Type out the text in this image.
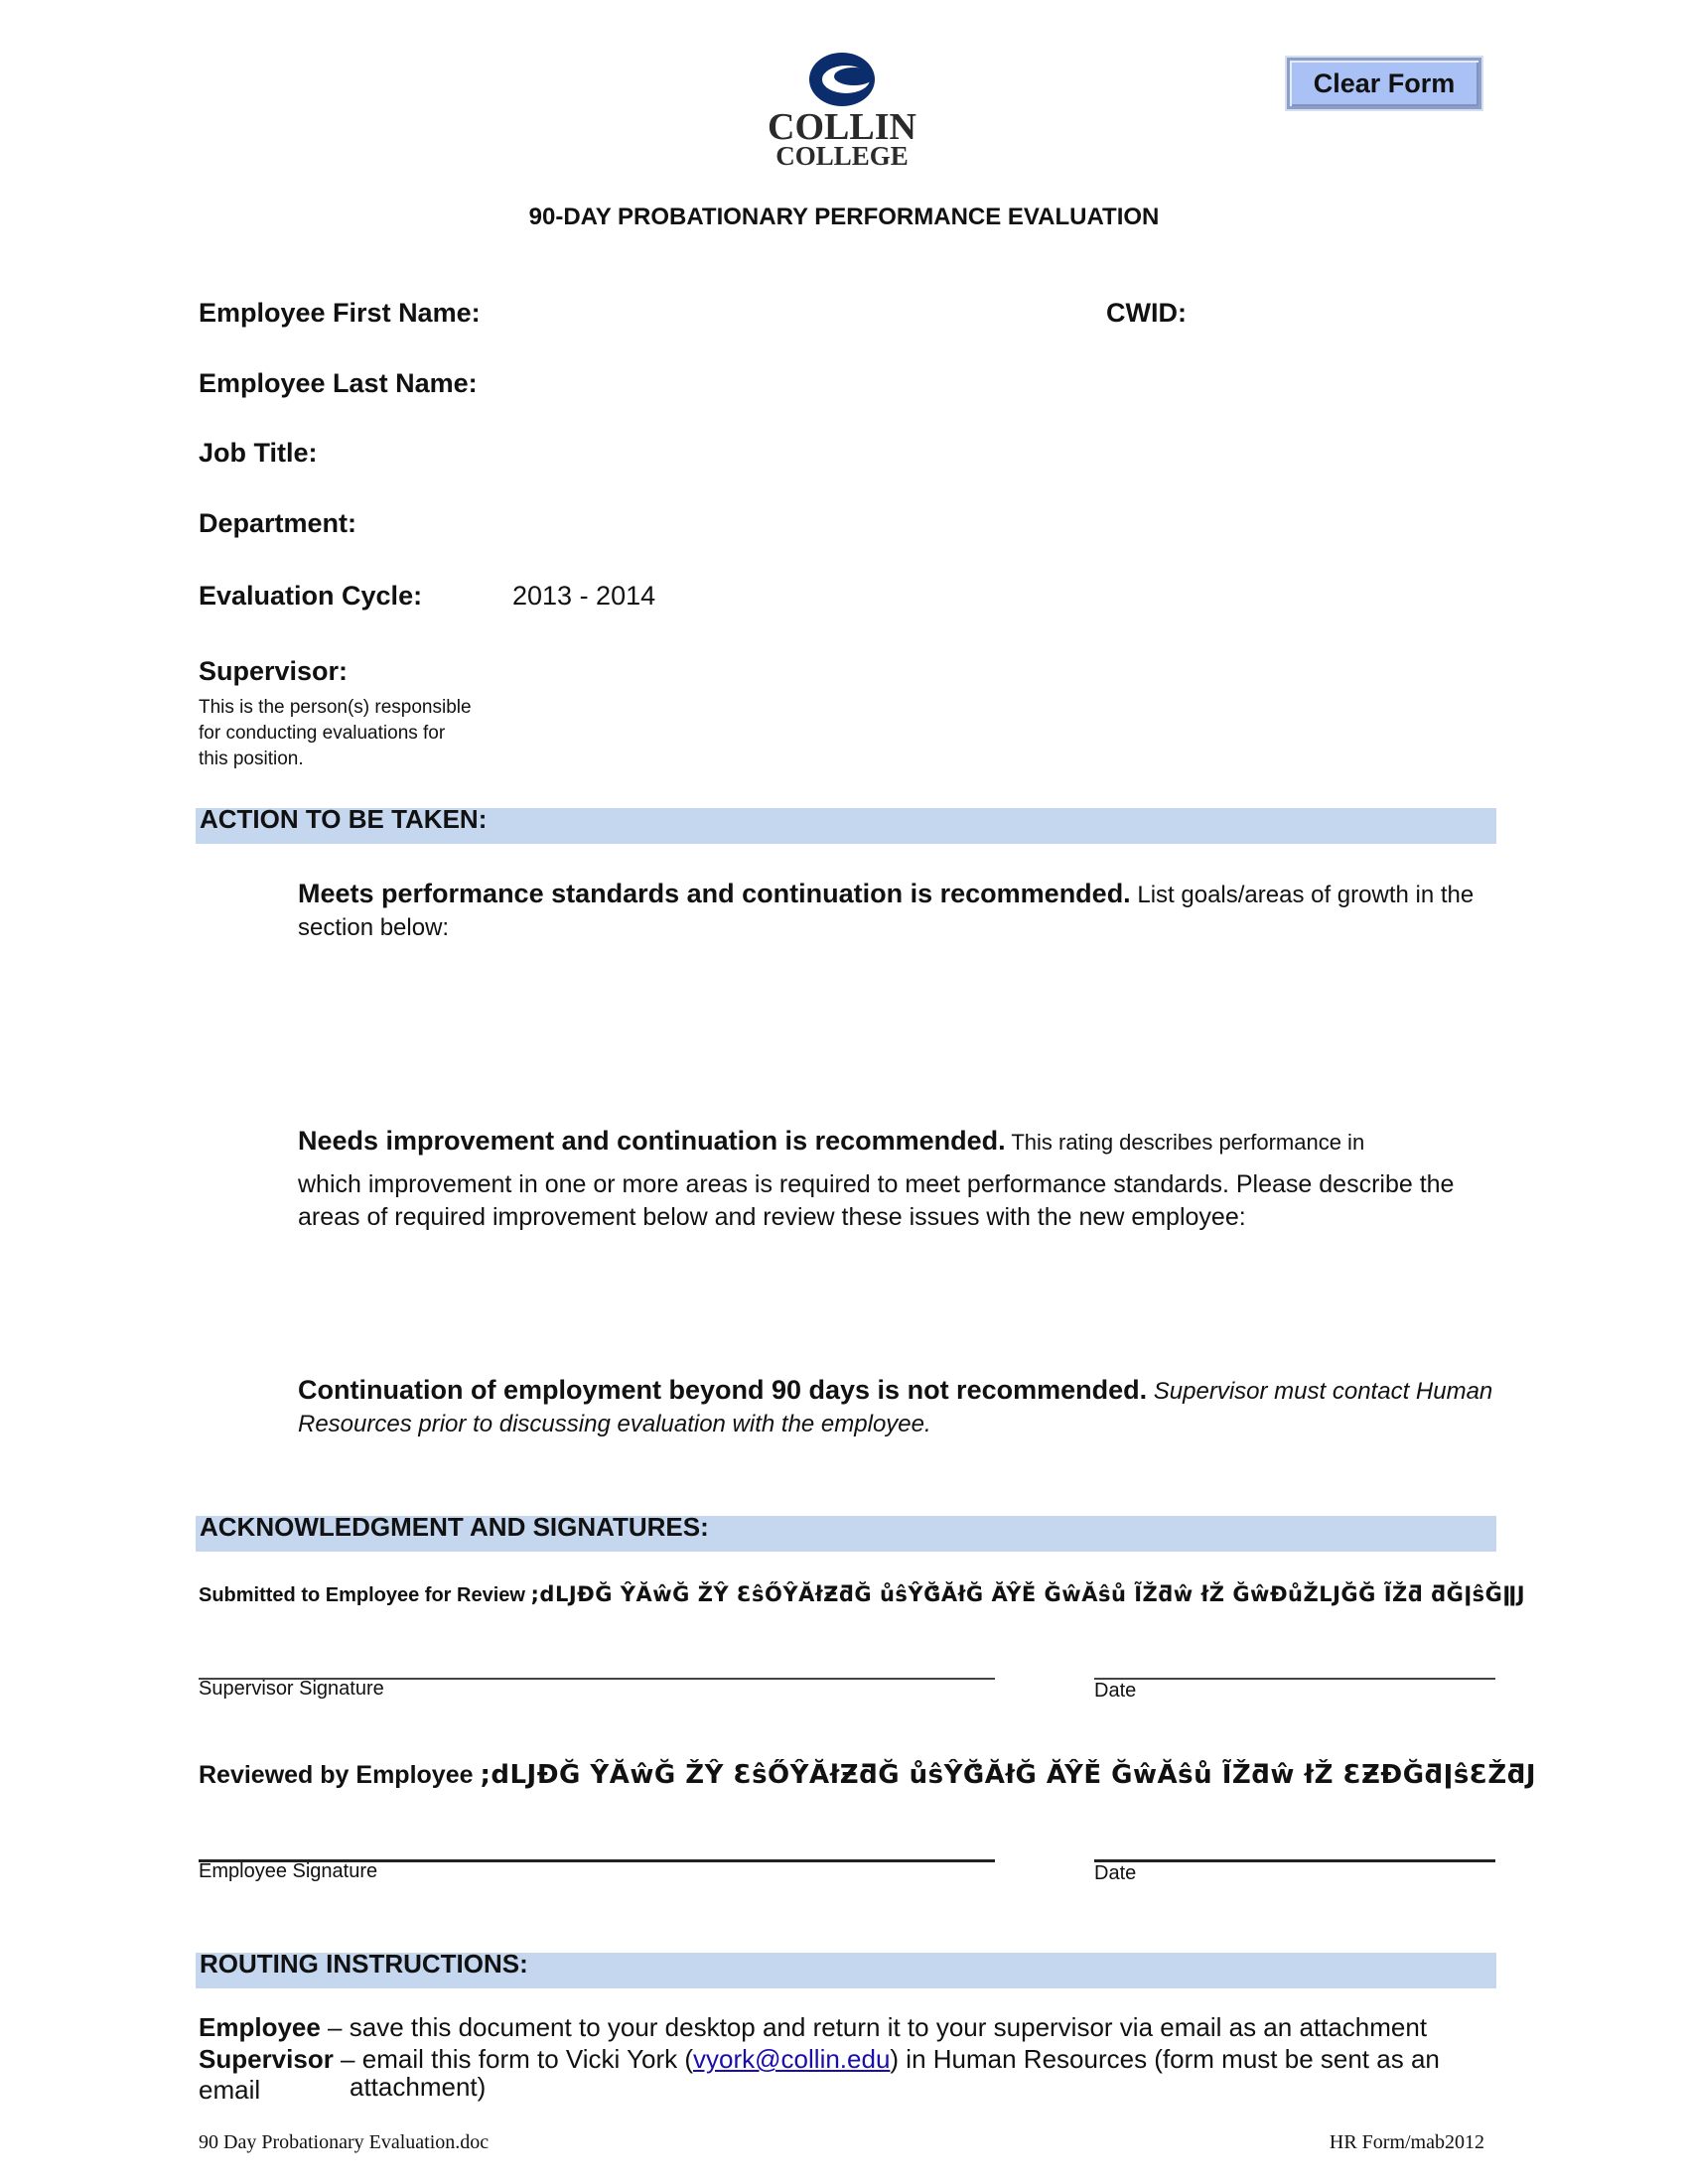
COLLIN
COLLEGE
Clear Form
90-DAY PROBATIONARY PERFORMANCE EVALUATION
Employee First Name:	CWID:
Employee Last Name:
Job Title:
Department:
Evaluation Cycle:	2013 - 2014
Supervisor:
This is the person(s) responsible
for conducting evaluations for
this position.
ACTION TO BE TAKEN:
Meets performance standards and continuation is recommended. List goals/areas of growth in the section below:
Needs improvement and continuation is recommended. This rating describes performance in
which improvement in one or more areas is required to meet performance standards. Please describe the areas of required improvement below and review these issues with the new employee:
Continuation of employment beyond 90 days is not recommended. Supervisor must contact Human Resources prior to discussing evaluation with the employee.
ACKNOWLEDGMENT AND SIGNATURES:
Submitted to Employee for Review ;dLJĐĞ ŶĂŵĞ ŽŶ ƐŝŐŶĂłƵƌĞ ůŝŶĞ̊ĂłĞ ĂŶĚ ĞŵĂŝů ĨŽƌŵ łŽ ĞŵĐůŽLJĞĞ ĨŽƌ ƌĞǀŝĞǁͿ
Supervisor Signature	Date
Reviewed by Employee ;dLJĐĞ ŶĂŵĞ ŽŶ ƐŝŐŶĂłƵƌĞ ůŝŶĞ̊ĂłĞ ĂŶĚ ĞŵĂŝů ĨŽƌŵ łŽ ƐƵƉĞƌǀŝƐŽƌͿ
Employee Signature	Date
ROUTING INSTRUCTIONS:
Employee – save this document to your desktop and return it to your supervisor via email as an attachment
Supervisor – email this form to Vicki York (vyork@collin.edu) in Human Resources (form must be sent as an email	attachment)
90 Day Probationary Evaluation.doc	HR Form/mab2012
